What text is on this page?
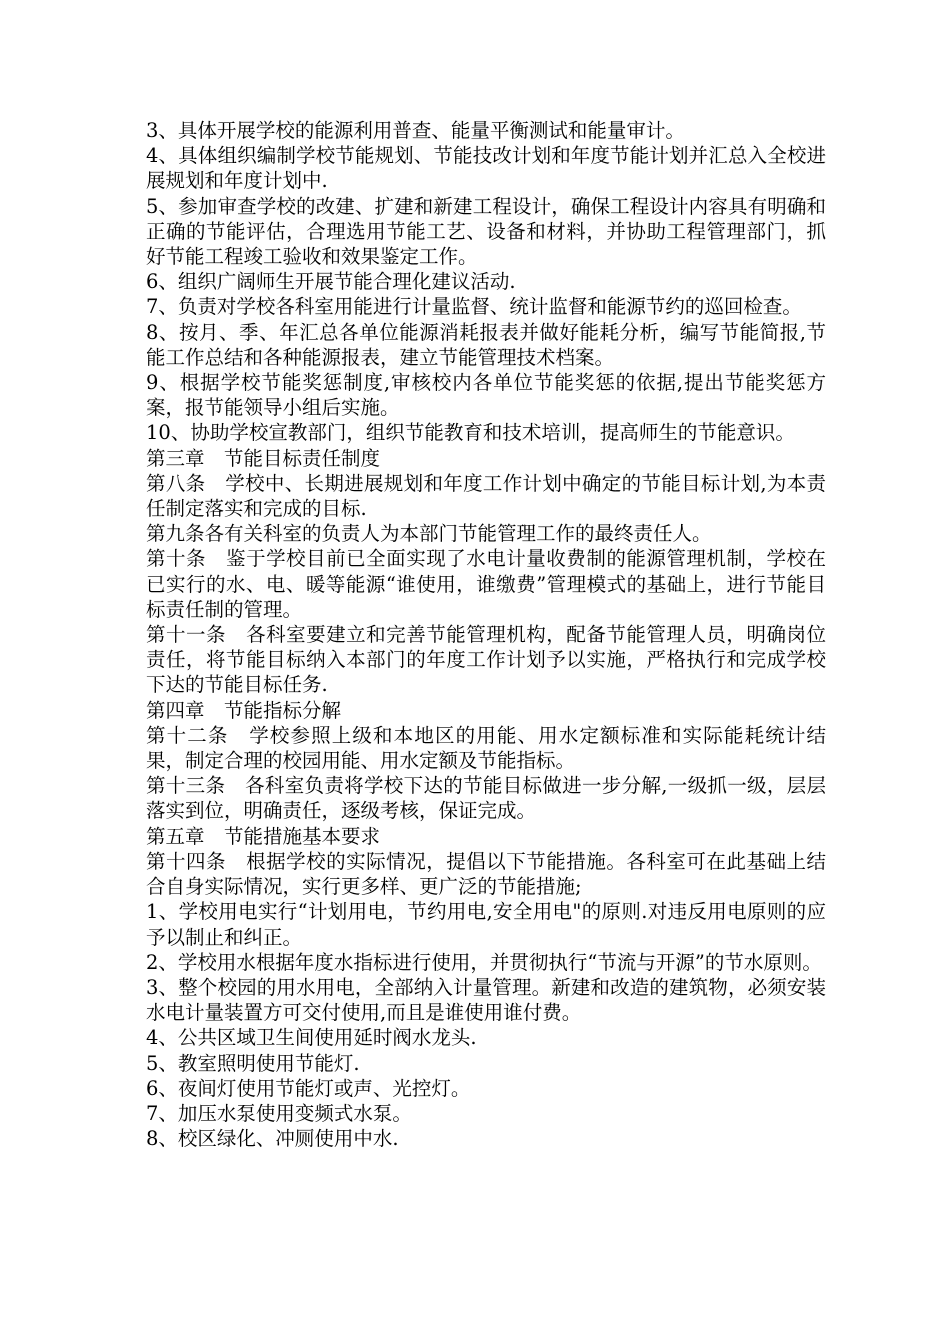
3、具体开展学校的能源利用普查、能量平衡测试和能量审计。

4、具体组织编制学校节能规划、节能技改计划和年度节能计划并汇总入全校进展规划和年度计划中.

5、参加审查学校的改建、扩建和新建工程设计，确保工程设计内容具有明确和正确的节能评估，合理选用节能工艺、设备和材料，并协助工程管理部门，抓好节能工程竣工验收和效果鉴定工作。

6、组织广阔师生开展节能合理化建议活动.

7、负责对学校各科室用能进行计量监督、统计监督和能源节约的巡回检查。

8、按月、季、年汇总各单位能源消耗报表并做好能耗分析，编写节能简报,节能工作总结和各种能源报表，建立节能管理技术档案。

9、根据学校节能奖惩制度,审核校内各单位节能奖惩的依据,提出节能奖惩方案，报节能领导小组后实施。

10、协助学校宣教部门，组织节能教育和技术培训，提高师生的节能意识。

第三章　节能目标责任制度

第八条　学校中、长期进展规划和年度工作计划中确定的节能目标计划,为本责任制定落实和完成的目标.

第九条各有关科室的负责人为本部门节能管理工作的最终责任人。

第十条　鉴于学校目前已全面实现了水电计量收费制的能源管理机制，学校在已实行的水、电、暖等能源“谁使用，谁缴费”管理模式的基础上，进行节能目标责任制的管理。

第十一条　各科室要建立和完善节能管理机构，配备节能管理人员，明确岗位责任，将节能目标纳入本部门的年度工作计划予以实施，严格执行和完成学校下达的节能目标任务.

第四章　节能指标分解

第十二条　学校参照上级和本地区的用能、用水定额标准和实际能耗统计结果，制定合理的校园用能、用水定额及节能指标。

第十三条　各科室负责将学校下达的节能目标做进一步分解,一级抓一级，层层落实到位，明确责任，逐级考核，保证完成。

第五章　节能措施基本要求

第十四条　根据学校的实际情况，提倡以下节能措施。各科室可在此基础上结合自身实际情况，实行更多样、更广泛的节能措施;

1、学校用电实行“计划用电，节约用电,安全用电"的原则.对违反用电原则的应予以制止和纠正。

2、学校用水根据年度水指标进行使用，并贯彻执行“节流与开源”的节水原则。

3、整个校园的用水用电，全部纳入计量管理。新建和改造的建筑物，必须安装水电计量装置方可交付使用,而且是谁使用谁付费。

4、公共区域卫生间使用延时阀水龙头.

5、教室照明使用节能灯.

6、夜间灯使用节能灯或声、光控灯。

7、加压水泵使用变频式水泵。

8、校区绿化、冲厕使用中水.
